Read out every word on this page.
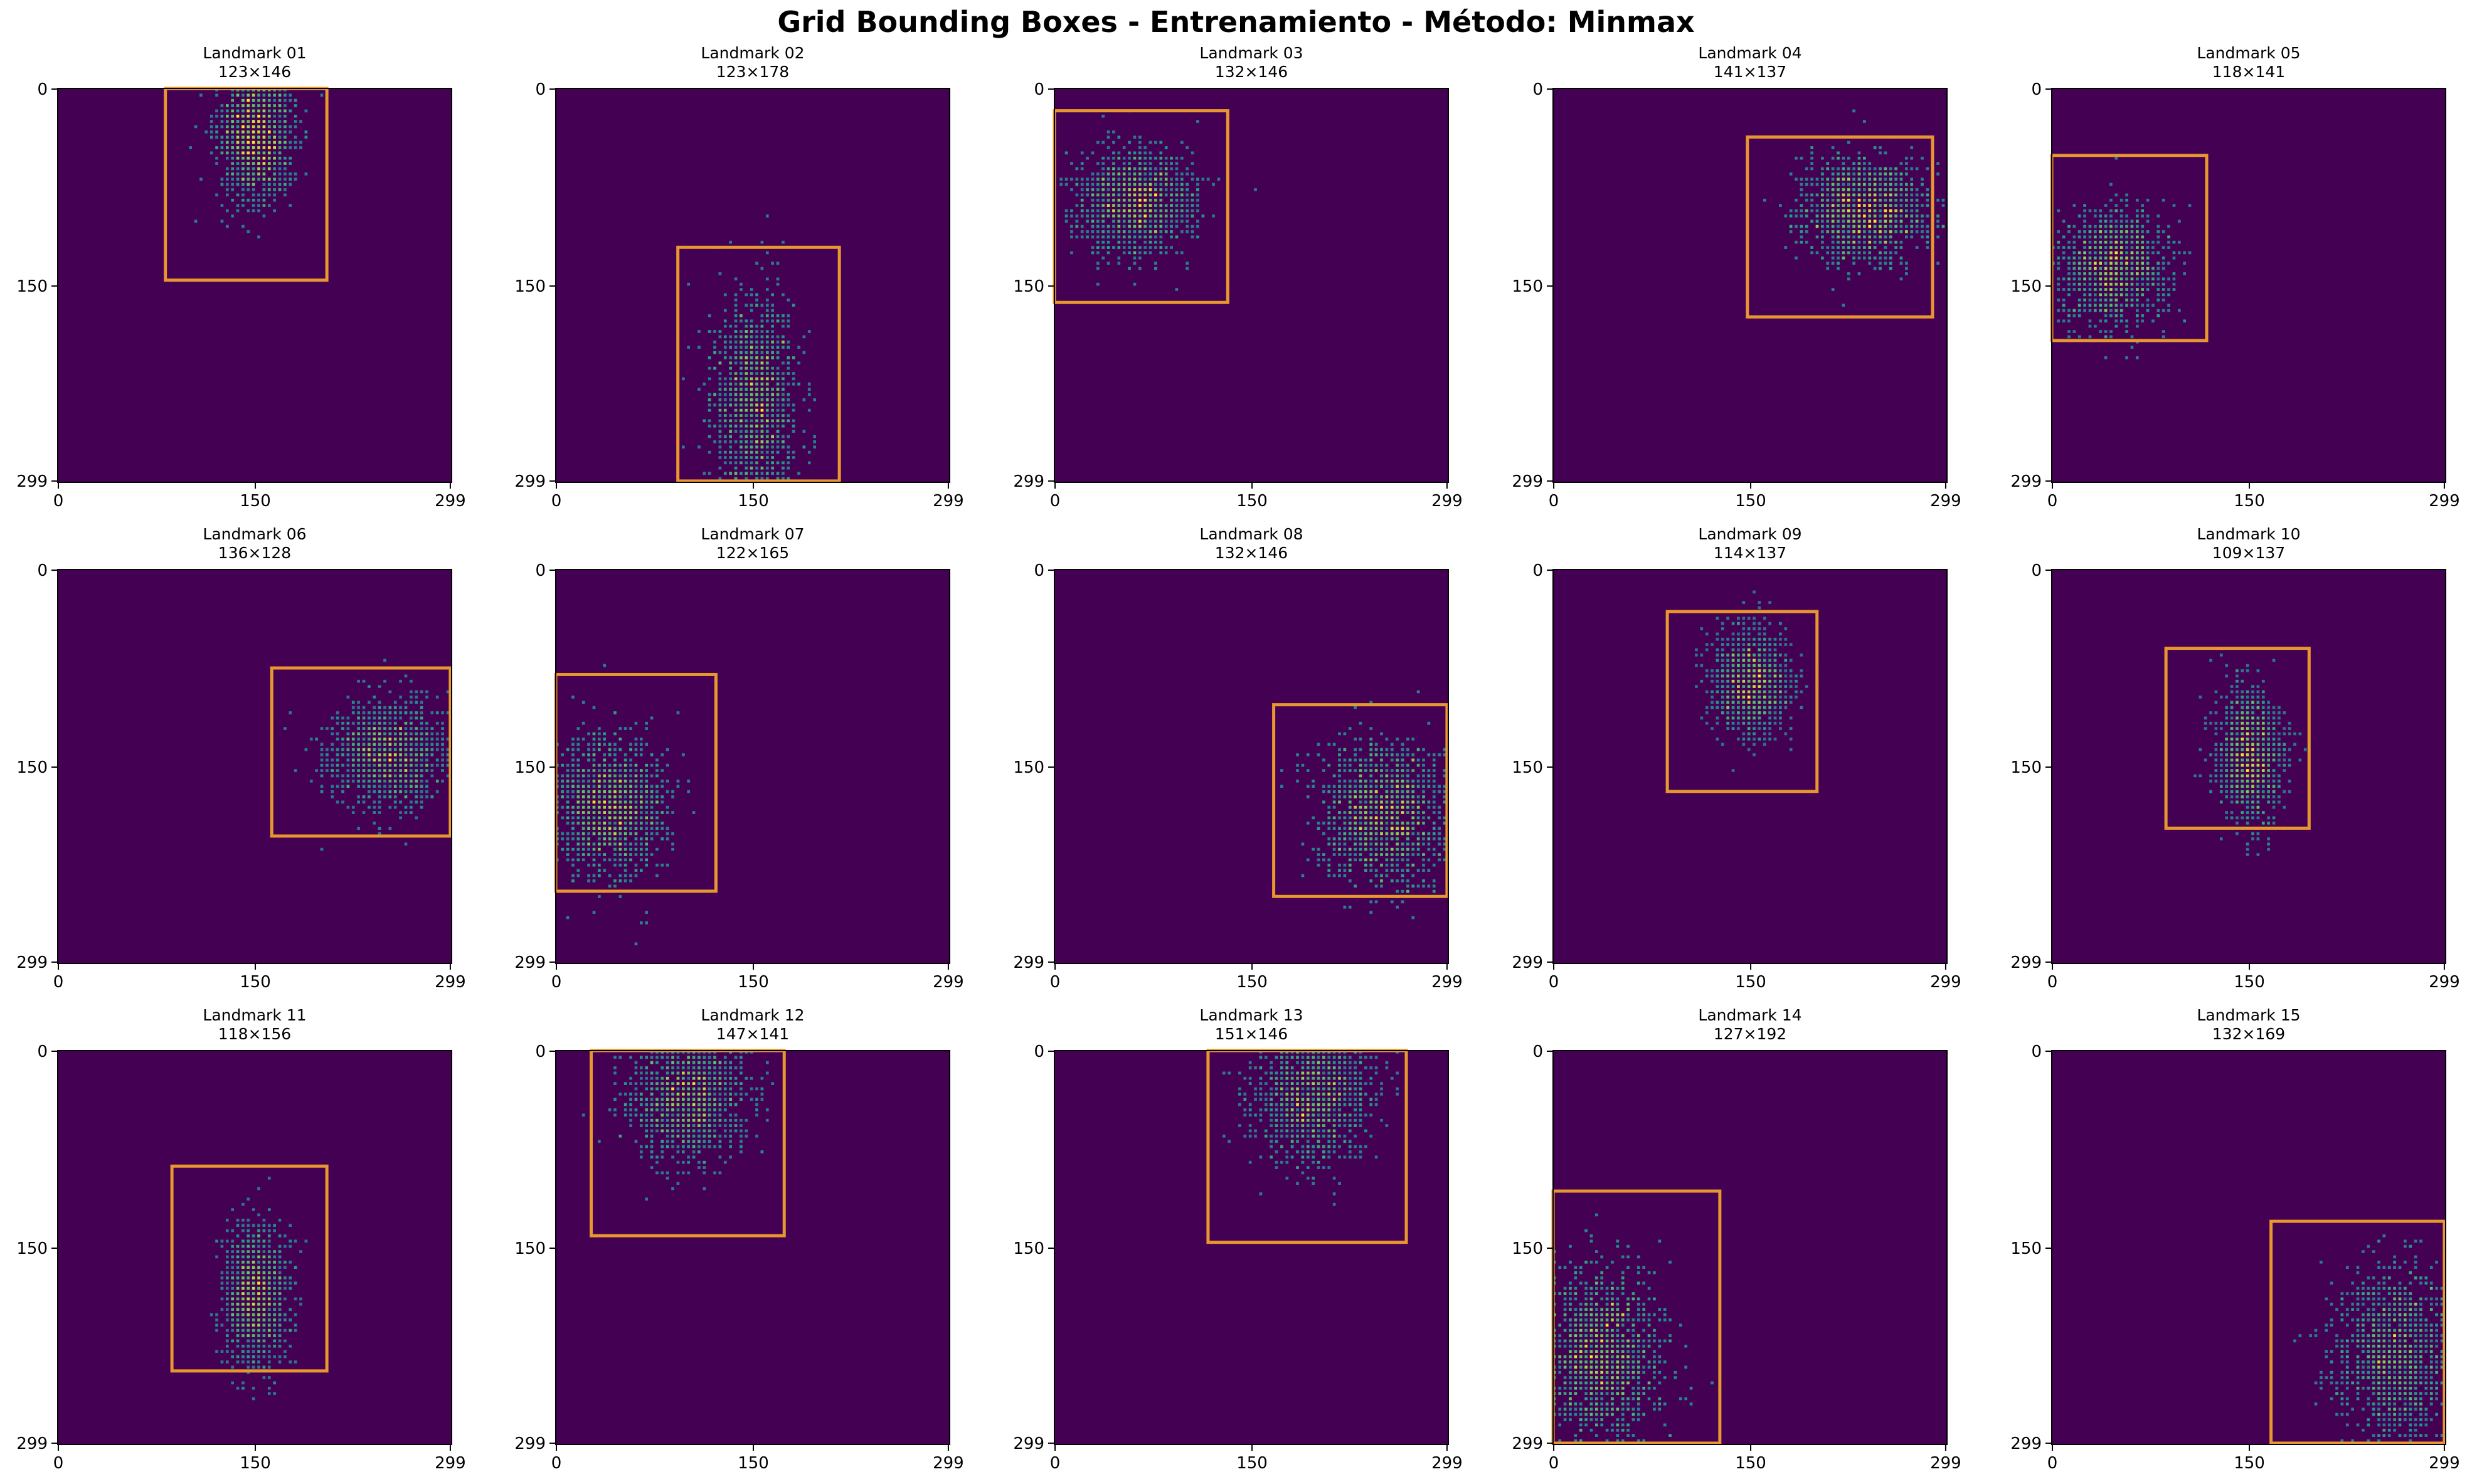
Grid Bounding Boxes - Entrenamiento - Método: Minmax
Landmark 01
123×146
0	150	299
0
150
299
Landmark 02
123×178
0	150	299
0
150
299
Landmark 03
132×146
0	150	299
0
150
299
Landmark 04
141×137
0	150	299
0
150
299
Landmark 05
118×141
0	150	299
0
150
299
Landmark 06
136×128
0	150	299
0
150
299
Landmark 07
122×165
0	150	299
0
150
299
Landmark 08
132×146
0	150	299
0
150
299
Landmark 09
114×137
0	150	299
0
150
299
Landmark 10
109×137
0	150	299
0
150
299
Landmark 11
118×156
0	150	299
0
150
299
Landmark 12
147×141
0	150	299
0
150
299
Landmark 13
151×146
0	150	299
0
150
299
Landmark 14
127×192
0	150	299
0
150
299
Landmark 15
132×169
0	150	299
0
150
299
